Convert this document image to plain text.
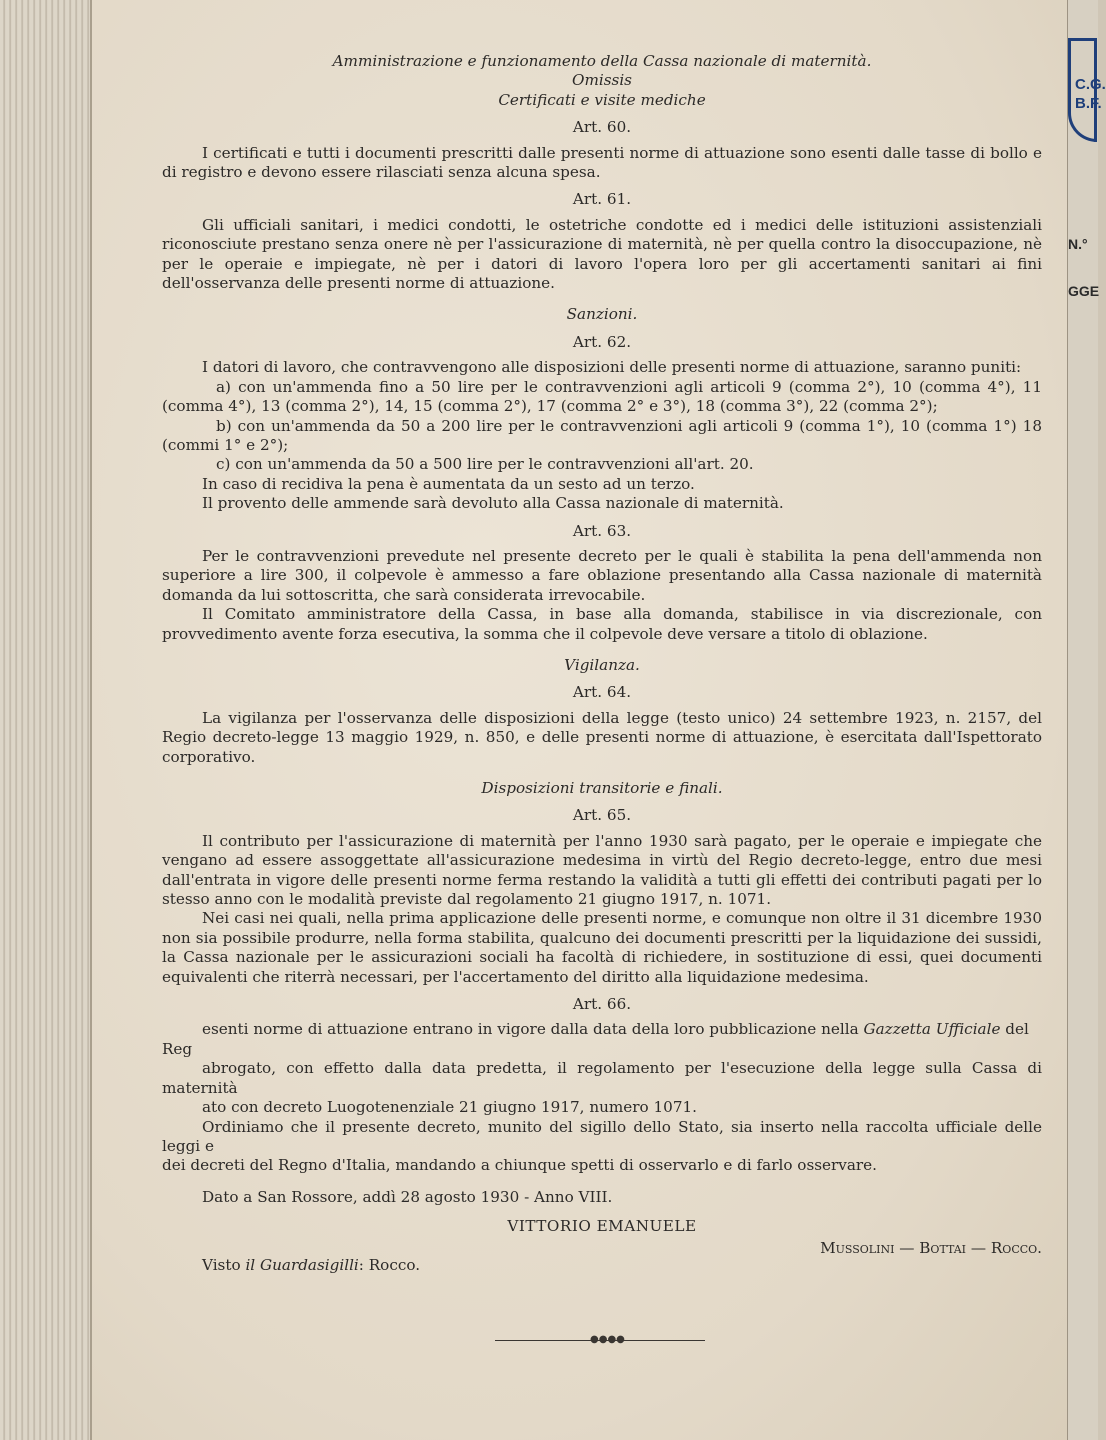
C.G.
B.F.
N.°
GGE
Amministrazione e funzionamento della Cassa nazionale di maternità.
Omissis
Certificati e visite mediche
Art. 60.

I certificati e tutti i documenti prescritti dalle presenti norme di attuazione sono esenti dalle tasse di bollo e di registro e devono essere rilasciati senza alcuna spesa.

Art. 61.

Gli ufficiali sanitari, i medici condotti, le ostetriche condotte ed i medici delle istituzioni assistenziali riconosciute prestano senza onere nè per l'assicurazione di maternità, nè per quella contro la disoccupazione, nè per le operaie e impiegate, nè per i datori di lavoro l'opera loro per gli accertamenti sanitari ai fini dell'osservanza delle presenti norme di attuazione.

Sanzioni.
Art. 62.

I datori di lavoro, che contravvengono alle disposizioni delle presenti norme di attuazione, saranno puniti:

a) con un'ammenda fino a 50 lire per le contravvenzioni agli articoli 9 (comma 2°), 10 (comma 4°), 11 (comma 4°), 13 (comma 2°), 14, 15 (comma 2°), 17 (comma 2° e 3°), 18 (comma 3°), 22 (comma 2°);

b) con un'ammenda da 50 a 200 lire per le contravvenzioni agli articoli 9 (comma 1°), 10 (comma 1°) 18 (commi 1° e 2°);

c) con un'ammenda da 50 a 500 lire per le contravvenzioni all'art. 20.

In caso di recidiva la pena è aumentata da un sesto ad un terzo.

Il provento delle ammende sarà devoluto alla Cassa nazionale di maternità.

Art. 63.

Per le contravvenzioni prevedute nel presente decreto per le quali è stabilita la pena dell'ammenda non superiore a lire 300, il colpevole è ammesso a fare oblazione presentando alla Cassa nazionale di maternità domanda da lui sottoscritta, che sarà considerata irrevocabile.

Il Comitato amministratore della Cassa, in base alla domanda, stabilisce in via discrezionale, con provvedimento avente forza esecutiva, la somma che il colpevole deve versare a titolo di oblazione.

Vigilanza.
Art. 64.

La vigilanza per l'osservanza delle disposizioni della legge (testo unico) 24 settembre 1923, n. 2157, del Regio decreto-legge 13 maggio 1929, n. 850, e delle presenti norme di attuazione, è esercitata dall'Ispettorato corporativo.

Disposizioni transitorie e finali.
Art. 65.

Il contributo per l'assicurazione di maternità per l'anno 1930 sarà pagato, per le operaie e impiegate che vengano ad essere assoggettate all'assicurazione medesima in virtù del Regio decreto-legge, entro due mesi dall'entrata in vigore delle presenti norme ferma restando la validità a tutti gli effetti dei contributi pagati per lo stesso anno con le modalità previste dal regolamento 21 giugno 1917, n. 1071.

Nei casi nei quali, nella prima applicazione delle presenti norme, e comunque non oltre il 31 dicembre 1930 non sia possibile produrre, nella forma stabilita, qualcuno dei documenti prescritti per la liquidazione dei sussidi, la Cassa nazionale per le assicurazioni sociali ha facoltà di richiedere, in sostituzione di essi, quei documenti equivalenti che riterrà necessari, per l'accertamento del diritto alla liquidazione medesima.

Art. 66.

esenti norme di attuazione entrano in vigore dalla data della loro pubblicazione nella Gazzetta Ufficiale del

Reg

abrogato, con effetto dalla data predetta, il regolamento per l'esecuzione della legge sulla Cassa di maternità

ato con decreto Luogotenenziale 21 giugno 1917, numero 1071.

Ordiniamo che il presente decreto, munito del sigillo dello Stato, sia inserto nella raccolta ufficiale delle leggi e

dei decreti del Regno d'Italia, mandando a chiunque spetti di osservarlo e di farlo osservare.

Dato a San Rossore, addì 28 agosto 1930 - Anno VIII.

VITTORIO EMANUELE
Mussolini — Bottai — Rocco.

Visto il Guardasigilli: Rocco.

●●●●
